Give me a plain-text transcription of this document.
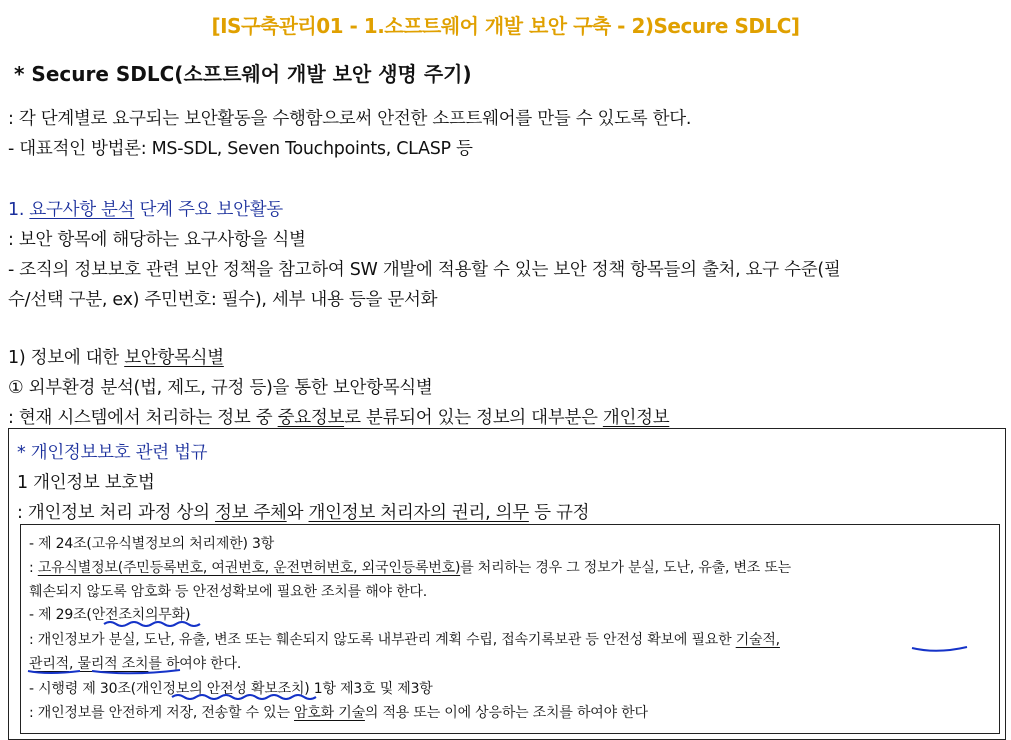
[IS구축관리01 - 1.소프트웨어 개발 보안 구축 - 2)Secure SDLC]
* Secure SDLC(소프트웨어 개발 보안 생명 주기)
: 각 단계별로 요구되는 보안활동을 수행함으로써 안전한 소프트웨어를 만들 수 있도록 한다.
- 대표적인 방법론: MS-SDL, Seven Touchpoints, CLASP 등
1. 요구사항 분석 단계 주요 보안활동
: 보안 항목에 해당하는 요구사항을 식별
- 조직의 정보보호 관련 보안 정책을 참고하여 SW 개발에 적용할 수 있는 보안 정책 항목들의 출처, 요구 수준(필
수/선택 구분, ex) 주민번호: 필수), 세부 내용 등을 문서화
1) 정보에 대한 보안항목식별
① 외부환경 분석(법, 제도, 규정 등)을 통한 보안항목식별
: 현재 시스템에서 처리하는 정보 중 중요정보로 분류되어 있는 정보의 대부분은 개인정보
* 개인정보보호 관련 법규
1 개인정보 보호법
: 개인정보 처리 과정 상의 정보 주체와 개인정보 처리자의 권리, 의무 등 규정
- 제 24조(고유식별정보의 처리제한) 3항
: 고유식별정보(주민등록번호, 여권번호, 운전면허번호, 외국인등록번호)를 처리하는 경우 그 정보가 분실, 도난, 유출, 변조 또는
훼손되지 않도록 암호화 등 안전성확보에 필요한 조치를 해야 한다.
- 제 29조(안전조치의무화)
: 개인정보가 분실, 도난, 유출, 변조 또는 훼손되지 않도록 내부관리 계획 수립, 접속기록보관 등 안전성 확보에 필요한 기술적,
관리적, 물리적 조치를 하여야 한다.
- 시행령 제 30조(개인정보의 안전성 확보조치) 1항 제3호 및 제3항
: 개인정보를 안전하게 저장, 전송할 수 있는 암호화 기술의 적용 또는 이에 상응하는 조치를 하여야 한다
